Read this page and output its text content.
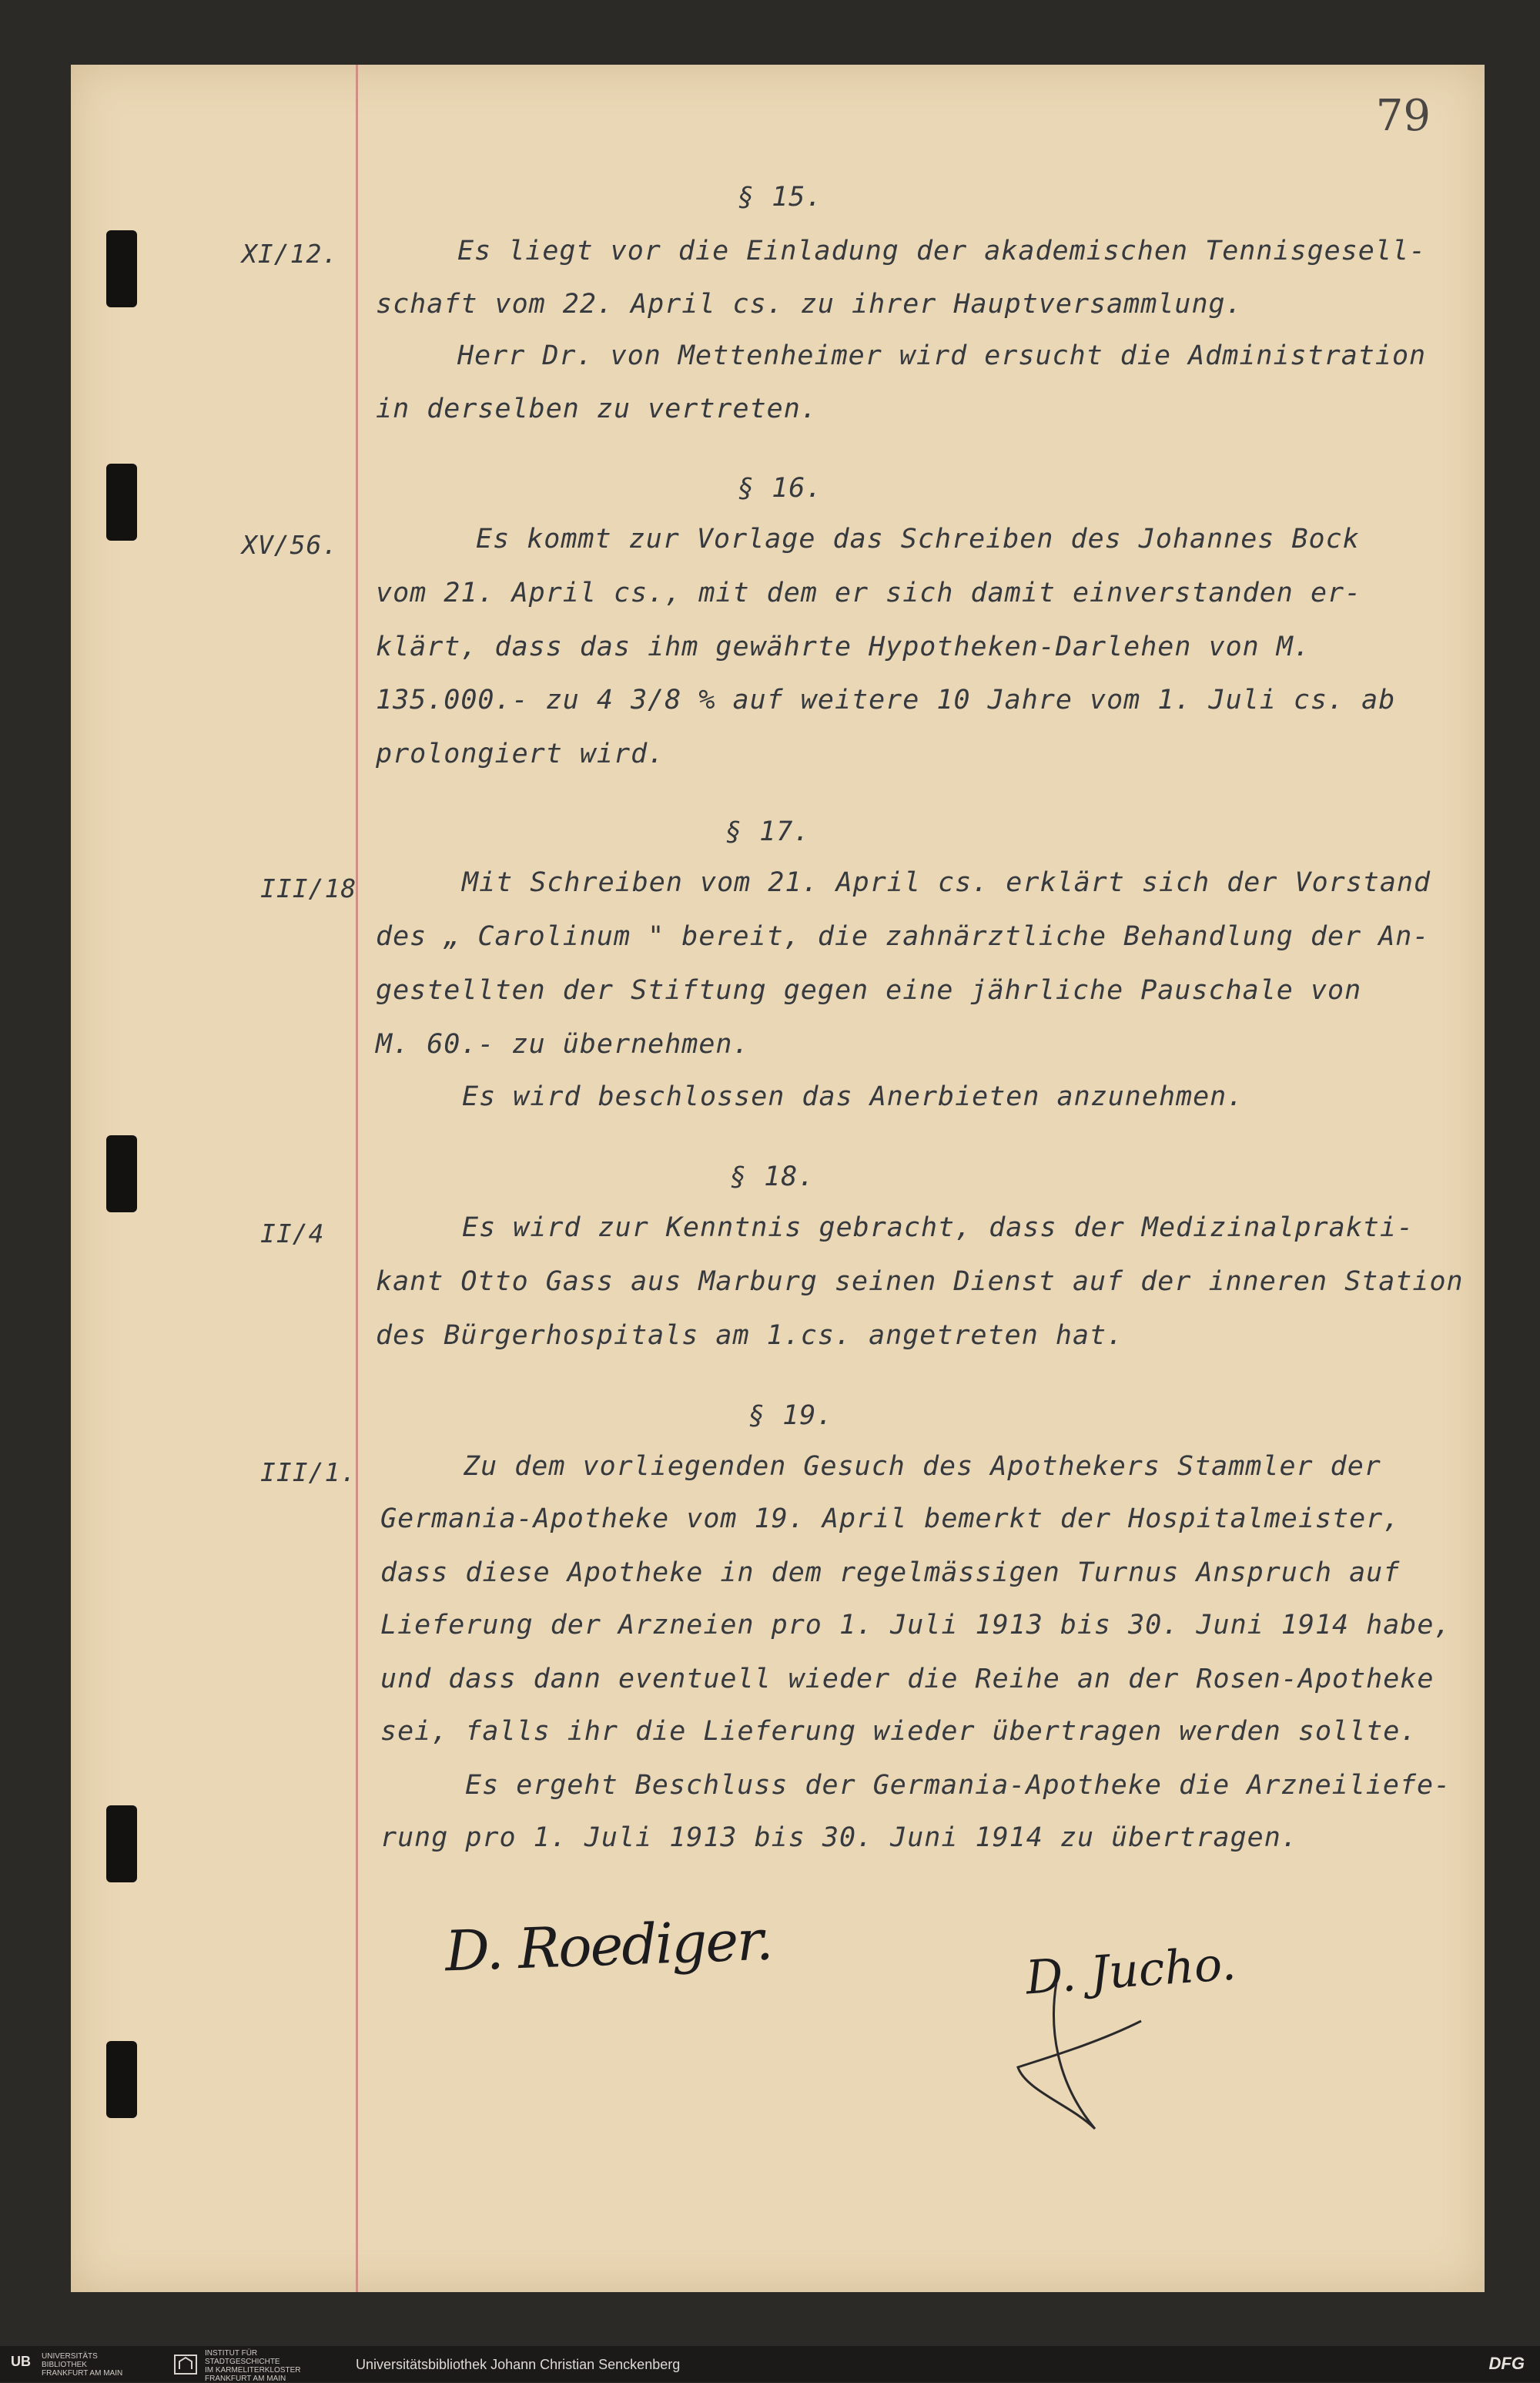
79

§ 15.

XI/12.	Es liegt vor die Einladung der akademischen Tennisgesell-

schaft vom 22. April cs. zu ihrer Hauptversammlung.

Herr Dr. von Mettenheimer wird ersucht die Administration

in derselben zu vertreten.

§ 16.

XV/56.	Es kommt zur Vorlage das Schreiben des Johannes Bock

vom 21. April cs., mit dem er sich damit einverstanden er-

klärt, dass das ihm gewährte Hypotheken-Darlehen von M.

135.000.- zu 4 3/8 % auf weitere 10 Jahre vom 1. Juli cs. ab

prolongiert wird.

§ 17.

III/18	Mit Schreiben vom 21. April cs. erklärt sich der Vorstand

des „ Carolinum " bereit, die zahnärztliche Behandlung der An-

gestellten der Stiftung gegen eine jährliche Pauschale von

M. 60.- zu übernehmen.

Es wird beschlossen das Anerbieten anzunehmen.

§ 18.

II/4	Es wird zur Kenntnis gebracht, dass der Medizinalprakti-

kant Otto Gass aus Marburg seinen Dienst auf der inneren Station

des Bürgerhospitals am 1.cs. angetreten hat.

§ 19.

III/1.	Zu dem vorliegenden Gesuch des Apothekers Stammler der

Germania-Apotheke vom 19. April bemerkt der Hospitalmeister,

dass diese Apotheke in dem regelmässigen Turnus Anspruch auf

Lieferung der Arzneien pro 1. Juli 1913 bis 30. Juni 1914 habe,

und dass dann eventuell wieder die Reihe an der Rosen-Apotheke

sei, falls ihr die Lieferung wieder übertragen werden sollte.

Es ergeht Beschluss der Germania-Apotheke die Arzneiliefe-

rung pro 1. Juli 1913 bis 30. Juni 1914 zu übertragen.

D. Roediger.	D. Jucho.

UB UNIVERSITÄTS
BIBLIOTHEK
FRANKFURT AM MAIN
INSTITUT FÜR
STADTGESCHICHTE
IM KARMELITERKLOSTER
FRANKFURT AM MAIN
Universitätsbibliothek Johann Christian Senckenberg	DFG
